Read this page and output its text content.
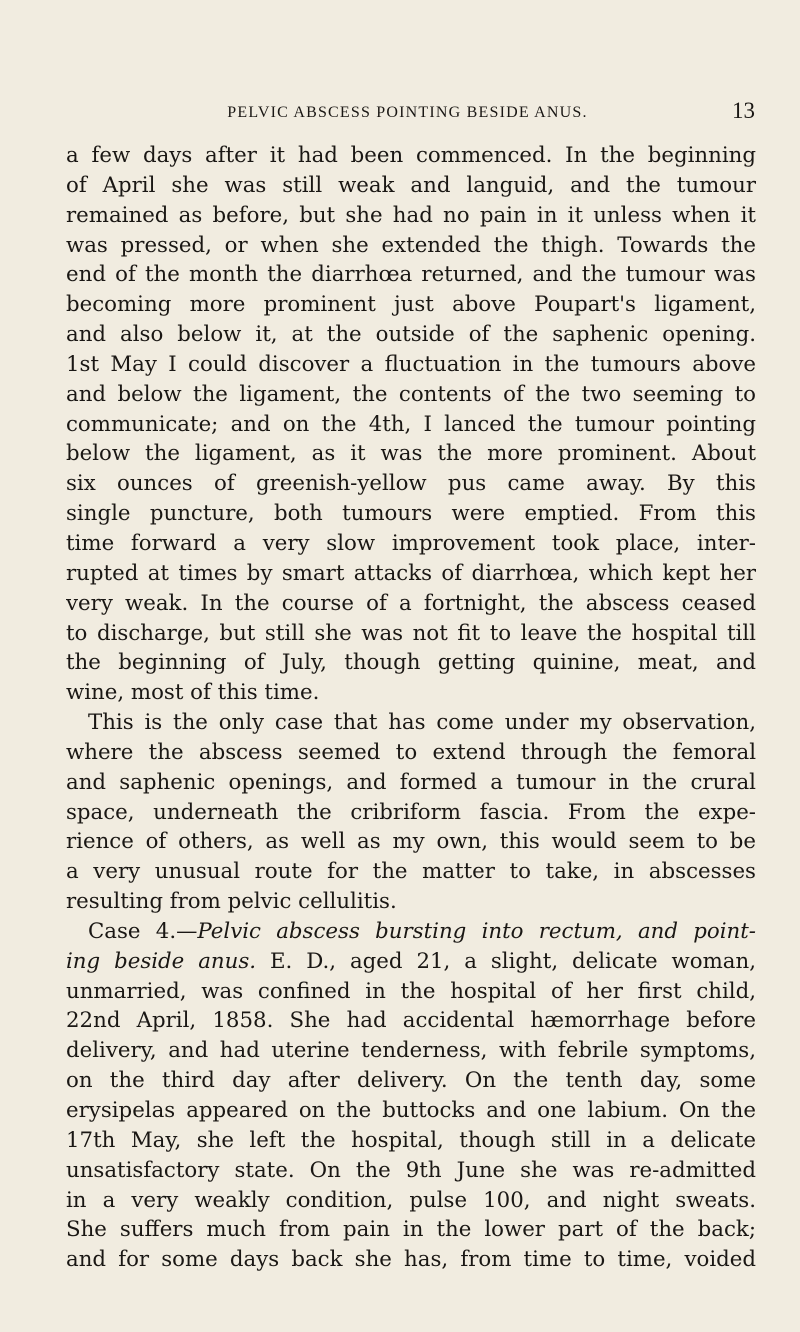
PELVIC ABSCESS POINTING BESIDE ANUS.	13
a few days after it had been commenced. In the beginning
of April she was still weak and languid, and the tumour
remained as before, but she had no pain in it unless when it
was pressed, or when she extended the thigh. Towards the
end of the month the diarrhœa returned, and the tumour was
becoming more prominent just above Poupart's ligament,
and also below it, at the outside of the saphenic opening.
1st May I could discover a fluctuation in the tumours above
and below the ligament, the contents of the two seeming to
communicate; and on the 4th, I lanced the tumour pointing
below the ligament, as it was the more prominent. About
six ounces of greenish-yellow pus came away. By this
single puncture, both tumours were emptied. From this
time forward a very slow improvement took place, inter-
rupted at times by smart attacks of diarrhœa, which kept her
very weak. In the course of a fortnight, the abscess ceased
to discharge, but still she was not fit to leave the hospital till
the beginning of July, though getting quinine, meat, and
wine, most of this time.
This is the only case that has come under my observation,
where the abscess seemed to extend through the femoral
and saphenic openings, and formed a tumour in the crural
space, underneath the cribriform fascia. From the expe-
rience of others, as well as my own, this would seem to be
a very unusual route for the matter to take, in abscesses
resulting from pelvic cellulitis.
Case 4.—Pelvic abscess bursting into rectum, and point-
ing beside anus. E. D., aged 21, a slight, delicate woman,
unmarried, was confined in the hospital of her first child,
22nd April, 1858. She had accidental hæmorrhage before
delivery, and had uterine tenderness, with febrile symptoms,
on the third day after delivery. On the tenth day, some
erysipelas appeared on the buttocks and one labium. On the
17th May, she left the hospital, though still in a delicate
unsatisfactory state. On the 9th June she was re-admitted
in a very weakly condition, pulse 100, and night sweats.
She suffers much from pain in the lower part of the back;
and for some days back she has, from time to time, voided
